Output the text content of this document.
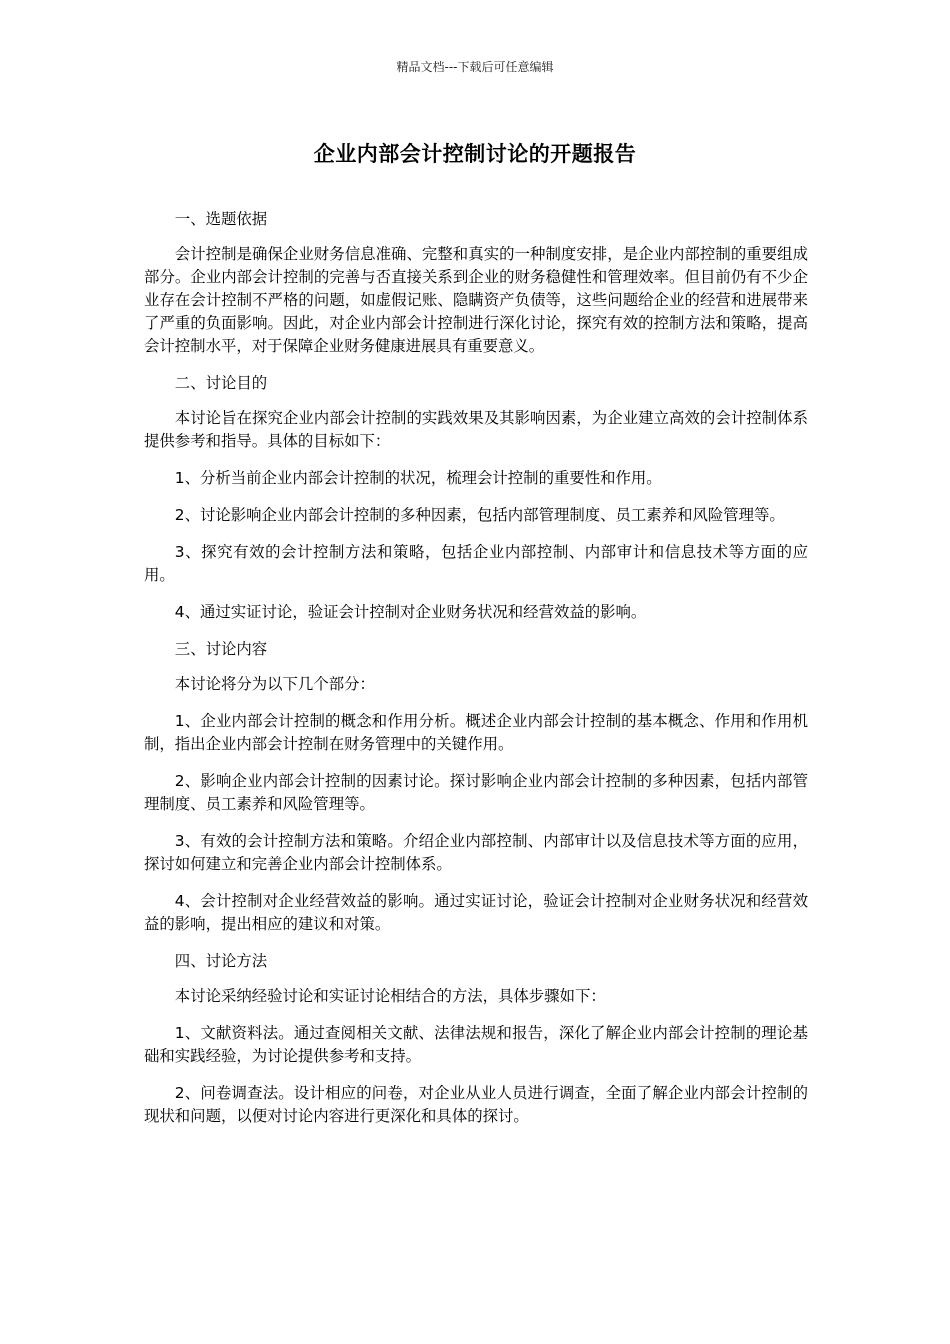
精品文档---下载后可任意编辑
企业内部会计控制讨论的开题报告

一、选题依据

会计控制是确保企业财务信息准确、完整和真实的一种制度安排，是企业内部控制的重要组成部分。企业内部会计控制的完善与否直接关系到企业的财务稳健性和管理效率。但目前仍有不少企业存在会计控制不严格的问题，如虚假记账、隐瞒资产负债等，这些问题给企业的经营和进展带来了严重的负面影响。因此，对企业内部会计控制进行深化讨论，探究有效的控制方法和策略，提高会计控制水平，对于保障企业财务健康进展具有重要意义。

二、讨论目的

本讨论旨在探究企业内部会计控制的实践效果及其影响因素，为企业建立高效的会计控制体系提供参考和指导。具体的目标如下：

1、分析当前企业内部会计控制的状况，梳理会计控制的重要性和作用。

2、讨论影响企业内部会计控制的多种因素，包括内部管理制度、员工素养和风险管理等。

3、探究有效的会计控制方法和策略，包括企业内部控制、内部审计和信息技术等方面的应用。

4、通过实证讨论，验证会计控制对企业财务状况和经营效益的影响。

三、讨论内容

本讨论将分为以下几个部分：

1、企业内部会计控制的概念和作用分析。概述企业内部会计控制的基本概念、作用和作用机制，指出企业内部会计控制在财务管理中的关键作用。

2、影响企业内部会计控制的因素讨论。探讨影响企业内部会计控制的多种因素，包括内部管理制度、员工素养和风险管理等。

3、有效的会计控制方法和策略。介绍企业内部控制、内部审计以及信息技术等方面的应用，探讨如何建立和完善企业内部会计控制体系。

4、会计控制对企业经营效益的影响。通过实证讨论，验证会计控制对企业财务状况和经营效益的影响，提出相应的建议和对策。

四、讨论方法

本讨论采纳经验讨论和实证讨论相结合的方法，具体步骤如下：

1、文献资料法。通过查阅相关文献、法律法规和报告，深化了解企业内部会计控制的理论基础和实践经验，为讨论提供参考和支持。

2、问卷调查法。设计相应的问卷，对企业从业人员进行调查，全面了解企业内部会计控制的现状和问题，以便对讨论内容进行更深化和具体的探讨。
